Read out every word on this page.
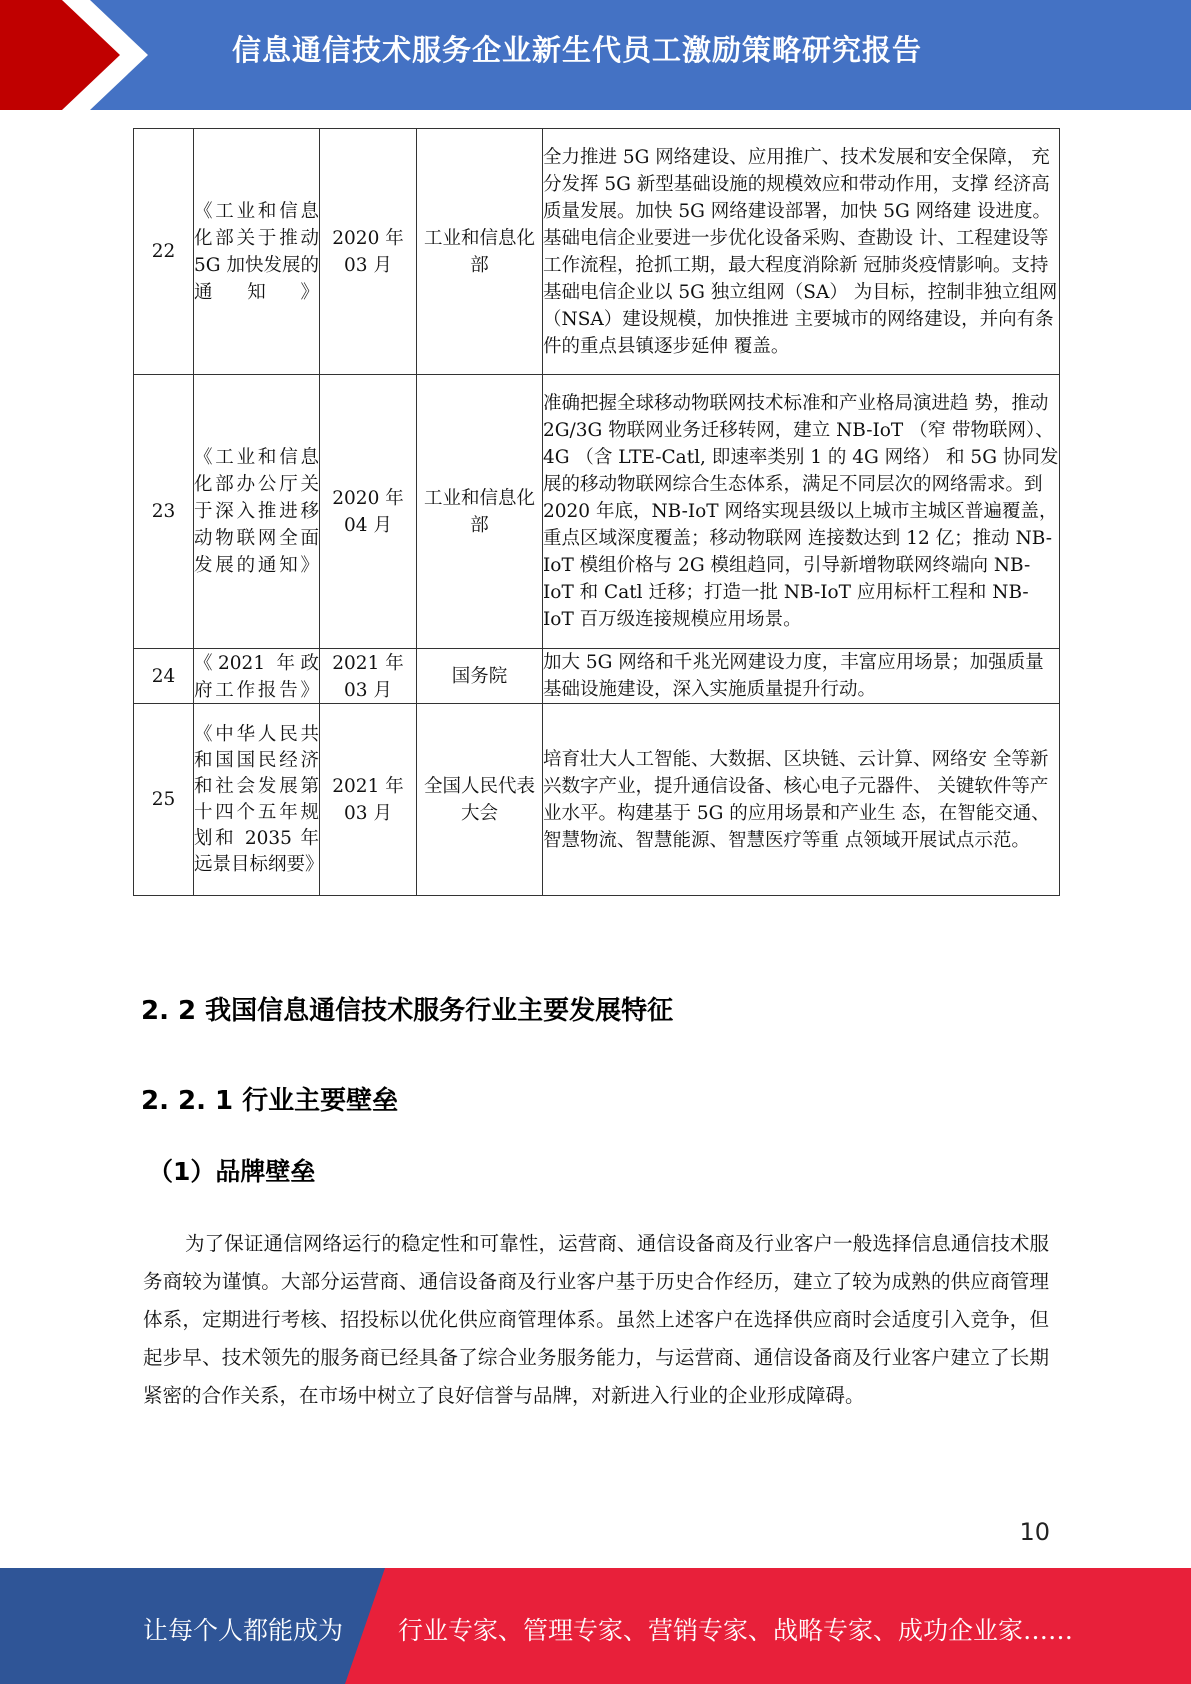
信息通信技术服务企业新生代员工激励策略研究报告
22	《工业和信息化部关于推动 5G 加快发展的通知》	2020 年 03 月	工业和信息化部	全力推进 5G 网络建设、应用推广、技术发展和安全保障， 充分发挥 5G 新型基础设施的规模效应和带动作用，支撑 经济高质量发展。加快 5G 网络建设部署，加快 5G 网络建 设进度。基础电信企业要进一步优化设备采购、查勘设 计、工程建设等工作流程，抢抓工期，最大程度消除新 冠肺炎疫情影响。支持基础电信企业以 5G 独立组网（SA） 为目标，控制非独立组网（NSA）建设规模，加快推进 主要城市的网络建设，并向有条件的重点县镇逐步延伸 覆盖。
23	《工业和信息化部办公厅关于深入推进移动物联网全面发展的通知》	2020 年 04 月	工业和信息化部	准确把握全球移动物联网技术标准和产业格局演进趋 势，推动 2G/3G 物联网业务迁移转网，建立 NB-IoT （窄 带物联网）、4G （含 LTE-Catl, 即速率类别 1 的 4G 网络） 和 5G 协同发展的移动物联网综合生态体系，满足不同层次的网络需求。到 2020 年底，NB-IoT 网络实现县级以上城市主城区普遍覆盖，重点区域深度覆盖；移动物联网 连接数达到 12 亿；推动 NB-IoT 模组价格与 2G 模组趋同，引导新增物联网终端向 NB-IoT 和 Catl 迁移；打造一批 NB-IoT 应用标杆工程和 NB-IoT 百万级连接规模应用场景。
24	《2021 年政府工作报告》	2021 年 03 月	国务院	加大 5G 网络和千兆光网建设力度，丰富应用场景；加强质量基础设施建设，深入实施质量提升行动。
25	《中华人民共和国国民经济和社会发展第十四个五年规划和 2035 年远景目标纲要》	2021 年 03 月	全国人民代表大会	培育壮大人工智能、大数据、区块链、云计算、网络安 全等新兴数字产业，提升通信设备、核心电子元器件、 关键软件等产业水平。构建基于 5G 的应用场景和产业生 态，在智能交通、智慧物流、智慧能源、智慧医疗等重 点领域开展试点示范。
2. 2 我国信息通信技术服务行业主要发展特征
2. 2. 1 行业主要壁垒
（1）品牌壁垒

为了保证通信网络运行的稳定性和可靠性，运营商、通信设备商及行业客户一般选择信息通信技术服务商较为谨慎。大部分运营商、通信设备商及行业客户基于历史合作经历，建立了较为成熟的供应商管理体系，定期进行考核、招投标以优化供应商管理体系。虽然上述客户在选择供应商时会适度引入竞争，但起步早、技术领先的服务商已经具备了综合业务服务能力，与运营商、通信设备商及行业客户建立了长期紧密的合作关系，在市场中树立了良好信誉与品牌，对新进入行业的企业形成障碍。

10
让每个人都能成为 行业专家、管理专家、营销专家、战略专家、成功企业家……
